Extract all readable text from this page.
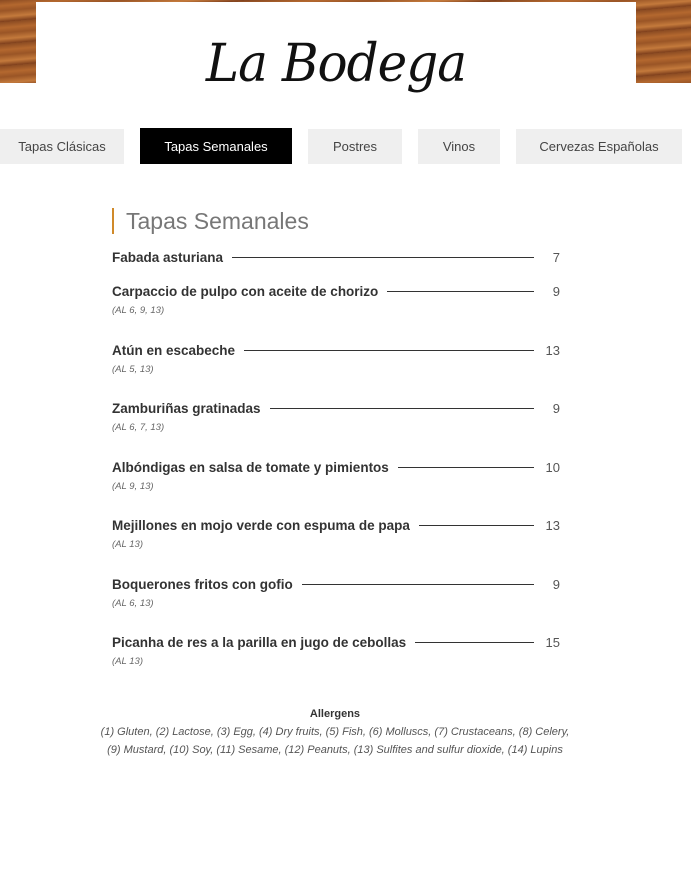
La Bodega
Tapas Clásicas	Tapas Semanales	Postres	Vinos	Cervezas Españolas
Tapas Semanales
Fabada asturiana	7
Carpaccio de pulpo con aceite de chorizo	9
(AL 6, 9, 13)
Atún en escabeche	13
(AL 5, 13)
Zamburiñas gratinadas	9
(AL 6, 7, 13)
Albóndigas en salsa de tomate y pimientos	10
(AL 9, 13)
Mejillones en mojo verde con espuma de papa	13
(AL 13)
Boquerones fritos con gofio	9
(AL 6, 13)
Picanha de res a la parilla en jugo de cebollas	15
(AL 13)
Allergens
(1) Gluten, (2) Lactose, (3) Egg, (4) Dry fruits, (5) Fish, (6) Molluscs, (7) Crustaceans, (8) Celery, (9) Mustard, (10) Soy, (11) Sesame, (12) Peanuts, (13) Sulfites and sulfur dioxide, (14) Lupins
